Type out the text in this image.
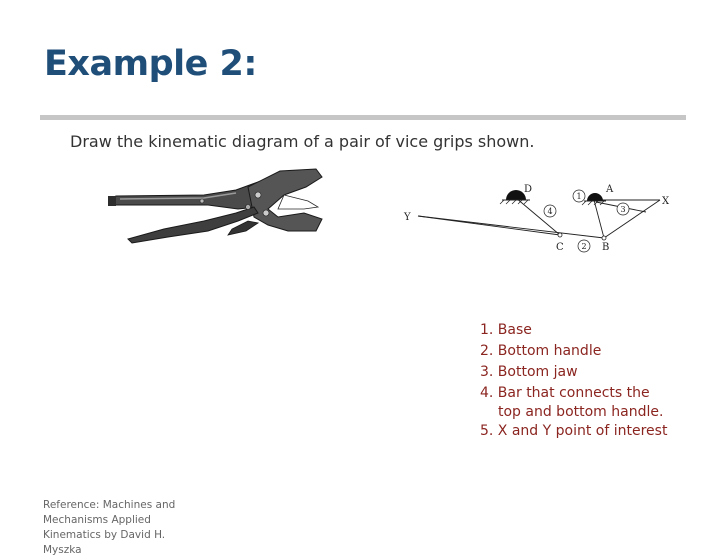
Example 2:
Draw the kinematic diagram of a pair of vice grips shown.
D	A
X
Y
C	B
1
2
3
4
1. Base
2. Bottom handle
3. Bottom jaw
4. Bar that connects the
top and bottom handle.
5. X and Y point of interest
Reference: Machines and
Mechanisms Applied
Kinematics by David H. Myszka
